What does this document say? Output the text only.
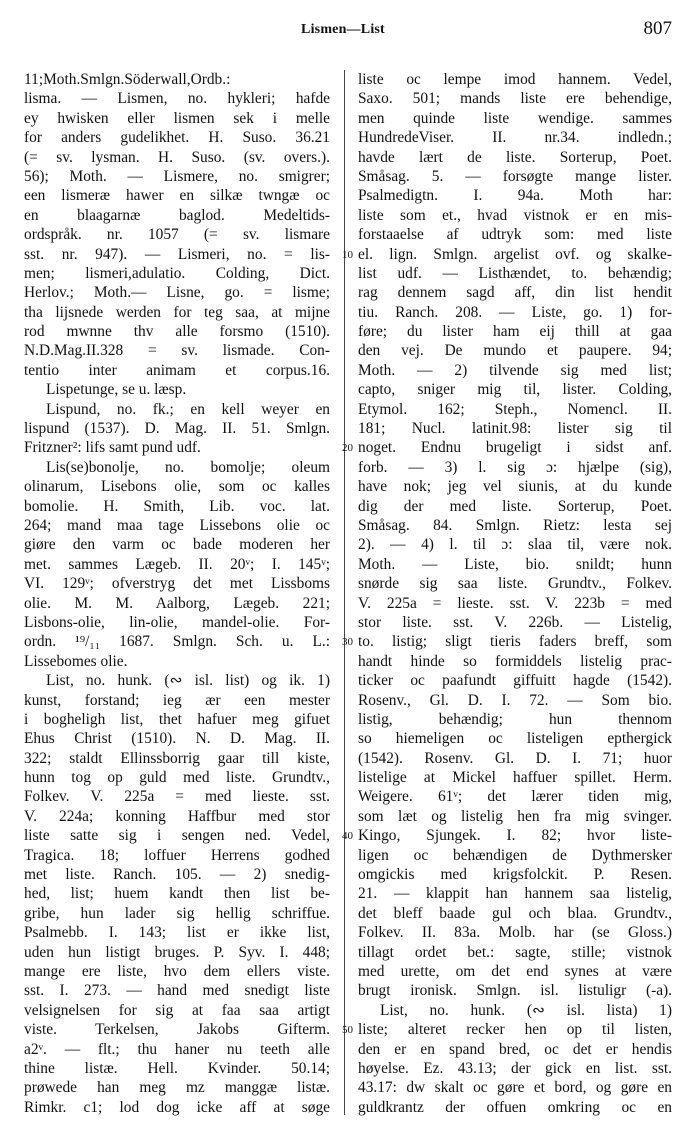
Lismen—List	807
11;Moth.Smlgn.Söderwall,Ordb.:
lisma. — Lismen, no. hykleri; hafde
ey hwisken eller lismen sek i melle
for anders gudelikhet. H. Suso. 36.21
(= sv. lysman. H. Suso. (sv. overs.).
56); Moth. — Lismere, no. smigrer;
een lismeræ hawer en silkæ twngæ oc
en blaagarnæ baglod. Medeltids-
ordspråk. nr. 1057 (= sv. lismare
sst. nr. 947). — Lismeri, no. = lis-
men; lismeri,adulatio. Colding, Dict.
Herlov.; Moth.— Lisne, go. = lisme;
tha lijsnede werden for teg saa, at mijne
rod mwnne thv alle forsmo (1510).
N.D.Mag.II.328 = sv. lismade. Con-
tentio inter animam et corpus.16.
Lispetunge, se u. læsp.
Lispund, no. fk.; en kell weyer en
lispund (1537). D. Mag. II. 51. Smlgn.
Fritzner²: lifs samt pund udf.
Lis(se)bonolje, no. bomolje; oleum
olinarum, Lisebons olie, som oc kalles
bomolie. H. Smith, Lib. voc. lat.
264; mand maa tage Lissebons olie oc
giøre den varm oc bade moderen her
met. sammes Lægeb. II. 20ᵛ; I. 145ᵛ;
VI. 129ᵛ; ofverstryg det met Lissboms
olie. M. M. Aalborg, Lægeb. 221;
Lisbons-olie, lin-olie, mandel-olie. For-
ordn. ¹⁹/₁₁ 1687. Smlgn. Sch. u. L.:
Lissebomes olie.
List, no. hunk. (∾ isl. list) og ik. 1)
kunst, forstand; ieg ær een mester
i bogheligh list, thet hafuer meg gifuet
Ehus Christ (1510). N. D. Mag. II.
322; staldt Ellinssborrig gaar till kiste,
hunn tog op guld med liste. Grundtv.,
Folkev. V. 225a = med lieste. sst.
V. 224a; konning Haffbur med stor
liste satte sig i sengen ned. Vedel,
Tragica. 18; loffuer Herrens godhed
met liste. Ranch. 105. — 2) snedig-
hed, list; huem kandt then list be-
gribe, hun lader sig hellig schriffue.
Psalmebb. I. 143; list er ikke list,
uden hun listigt bruges. P. Syv. I. 448;
mange ere liste, hvo dem ellers viste.
sst. I. 273. — hand med snedigt liste
velsignelsen for sig at faa saa artigt
viste. Terkelsen, Jakobs Gifterm.
a2ᵛ. — flt.; thu haner nu teeth alle
thine listæ. Hell. Kvinder. 50.14;
prøwede han meg mz manggæ listæ.
Rimkr. c1; lod dog icke aff at søge
liste oc lempe imod hannem. Vedel,
Saxo. 501; mands liste ere behendige,
men quinde liste wendige. sammes
HundredeViser. II. nr.34. indledn.;
havde lært de liste. Sorterup, Poet.
Småsag. 5. — forsøgte mange lister.
Psalmedigtn. I. 94a. Moth har:
liste som et., hvad vistnok er en mis-
forstaaelse af udtryk som: med liste
el. lign. Smlgn. argelist ovf. og skalke-
10
list udf. — Listhændet, to. behændig;
rag dennem sagd aff, din list hendit
tiu. Ranch. 208. — Liste, go. 1) for-
føre; du lister ham eij thill at gaa
den vej. De mundo et paupere. 94;
Moth. — 2) tilvende sig med list;
capto, sniger mig til, lister. Colding,
Etymol. 162; Steph., Nomencl. II.
181; Nucl. latinit.98: lister sig til
noget. Endnu brugeligt i sidst anf.
20
forb. — 3) l. sig ɔ: hjælpe (sig),
have nok; jeg vel siunis, at du kunde
dig der med liste. Sorterup, Poet.
Småsag. 84. Smlgn. Rietz: lesta sej
2). — 4) l. til ɔ: slaa til, være nok.
Moth. — Liste, bio. snildt; hunn
snørde sig saa liste. Grundtv., Folkev.
V. 225a = lieste. sst. V. 223b = med
stor liste. sst. V. 226b. — Listelig,
to. listig; sligt tieris faders breff, som
30
handt hinde so formiddels listelig prac-
ticker oc paafundt giffuitt hagde (1542).
Rosenv., Gl. D. I. 72. — Som bio.
listig, behændig; hun thennom
so hiemeligen oc listeligen epthergick
(1542). Rosenv. Gl. D. I. 71; huor
listelige at Mickel haffuer spillet. Herm.
Weigere. 61ᵛ; det lærer tiden mig,
som læt og listelig hen fra mig svinger.
Kingo, Sjungek. I. 82; hvor liste-
40
ligen oc behændigen de Dythmersker
omgickis med krigsfolckit. P. Resen.
21. — klappit han hannem saa listelig,
det bleff baade gul och blaa. Grundtv.,
Folkev. II. 83a. Molb. har (se Gloss.)
tillagt ordet bet.: sagte, stille; vistnok
med urette, om det end synes at være
brugt ironisk. Smlgn. isl. listuligr (-a).
List, no. hunk. (∾ isl. lista) 1)
liste; alteret recker hen op til listen,
50
den er en spand bred, oc det er hendis
høyelse. Ez. 43.13; der gick en list. sst.
43.17: dw skalt oc gøre et bord, og gøre en
guldkrantz der offuen omkring oc en
